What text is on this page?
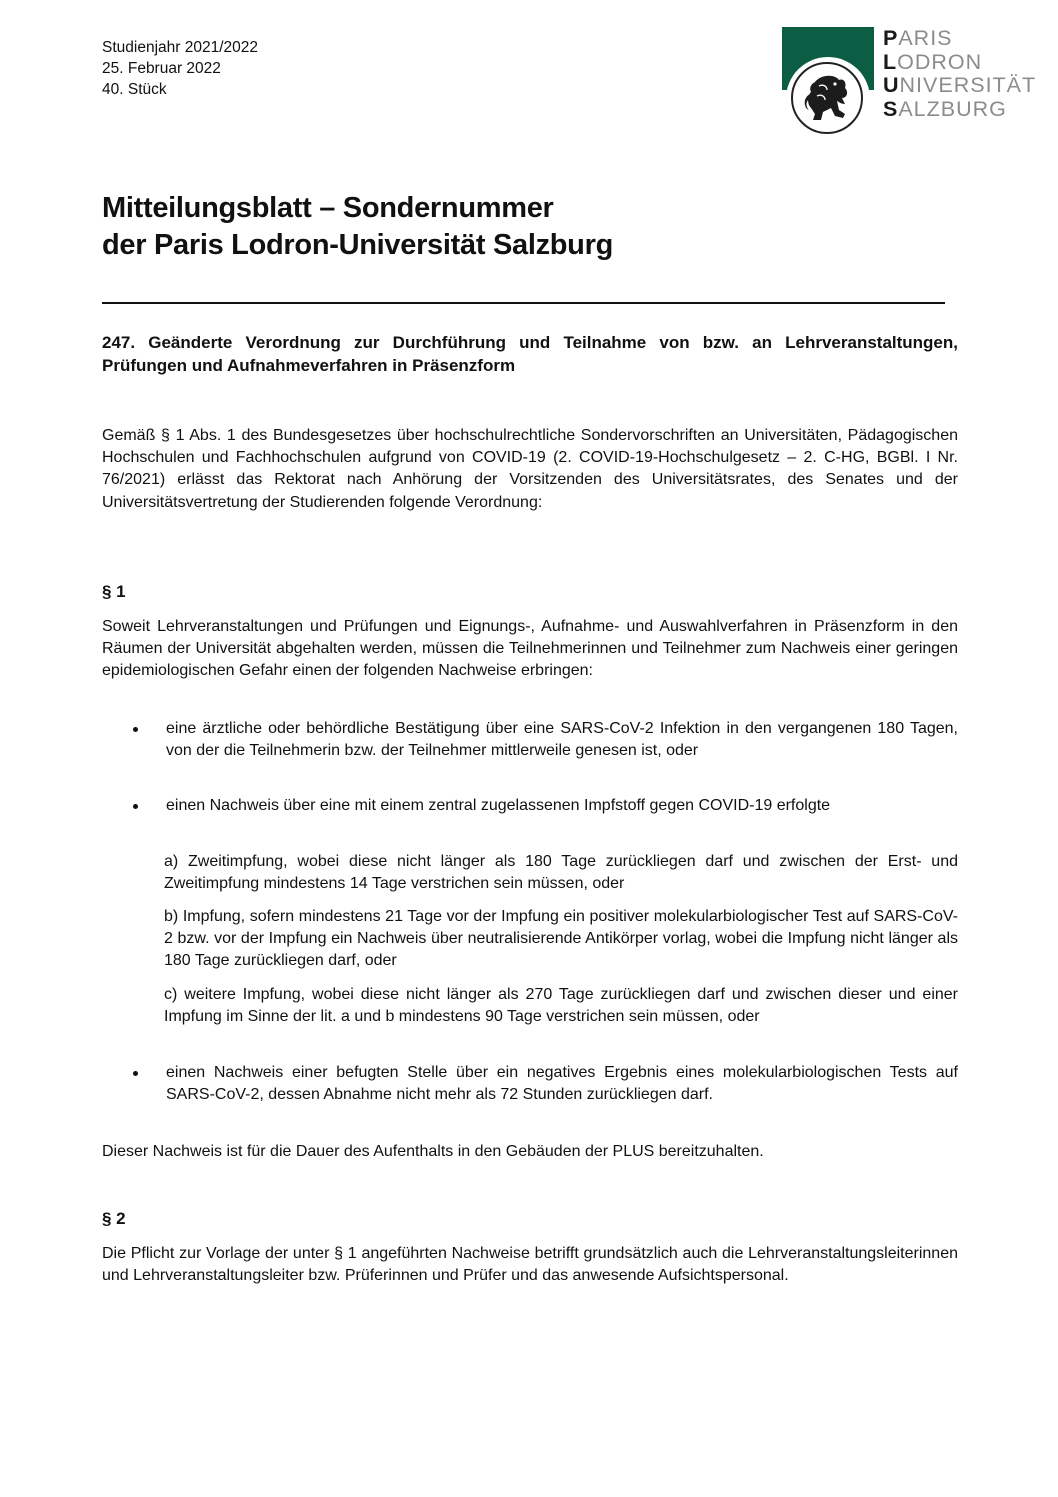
Studienjahr 2021/2022
25. Februar 2022
40. Stück
PARIS
LODRON
UNIVERSITÄT
SALZBURG
Mitteilungsblatt – Sondernummer
der Paris Lodron-Universität Salzburg
247. Geänderte Verordnung zur Durchführung und Teilnahme von bzw. an Lehrveranstaltungen, Prüfungen und Aufnahmeverfahren in Präsenzform
Gemäß § 1 Abs. 1 des Bundesgesetzes über hochschulrechtliche Sondervorschriften an Universitäten, Pädagogischen Hochschulen und Fachhochschulen aufgrund von COVID-19 (2. COVID-19-Hochschulgesetz – 2. C-HG, BGBl. I Nr. 76/2021) erlässt das Rektorat nach Anhörung der Vorsitzenden des Universitätsrates, des Senates und der Universitätsvertretung der Studierenden folgende Verordnung:
§ 1
Soweit Lehrveranstaltungen und Prüfungen und Eignungs-, Aufnahme- und Auswahlverfahren in Präsenzform in den Räumen der Universität abgehalten werden, müssen die Teilnehmerinnen und Teilnehmer zum Nachweis einer geringen epidemiologischen Gefahr einen der folgenden Nachweise erbringen:
eine ärztliche oder behördliche Bestätigung über eine SARS-CoV-2 Infektion in den vergangenen 180 Tagen, von der die Teilnehmerin bzw. der Teilnehmer mittlerweile genesen ist, oder
einen Nachweis über eine mit einem zentral zugelassenen Impfstoff gegen COVID-19 erfolgte
a) Zweitimpfung, wobei diese nicht länger als 180 Tage zurückliegen darf und zwischen der Erst- und Zweitimpfung mindestens 14 Tage verstrichen sein müssen, oder
b) Impfung, sofern mindestens 21 Tage vor der Impfung ein positiver molekularbiologischer Test auf SARS-CoV-2 bzw. vor der Impfung ein Nachweis über neutralisierende Antikörper vorlag, wobei die Impfung nicht länger als 180 Tage zurückliegen darf, oder
c) weitere Impfung, wobei diese nicht länger als 270 Tage zurückliegen darf und zwischen dieser und einer Impfung im Sinne der lit. a und b mindestens 90 Tage verstrichen sein müssen, oder
einen Nachweis einer befugten Stelle über ein negatives Ergebnis eines molekularbiologischen Tests auf SARS-CoV-2, dessen Abnahme nicht mehr als 72 Stunden zurückliegen darf.
Dieser Nachweis ist für die Dauer des Aufenthalts in den Gebäuden der PLUS bereitzuhalten.
§ 2
Die Pflicht zur Vorlage der unter § 1 angeführten Nachweise betrifft grundsätzlich auch die Lehrveranstaltungsleiterinnen und Lehrveranstaltungsleiter bzw. Prüferinnen und Prüfer und das anwesende Aufsichtspersonal.
